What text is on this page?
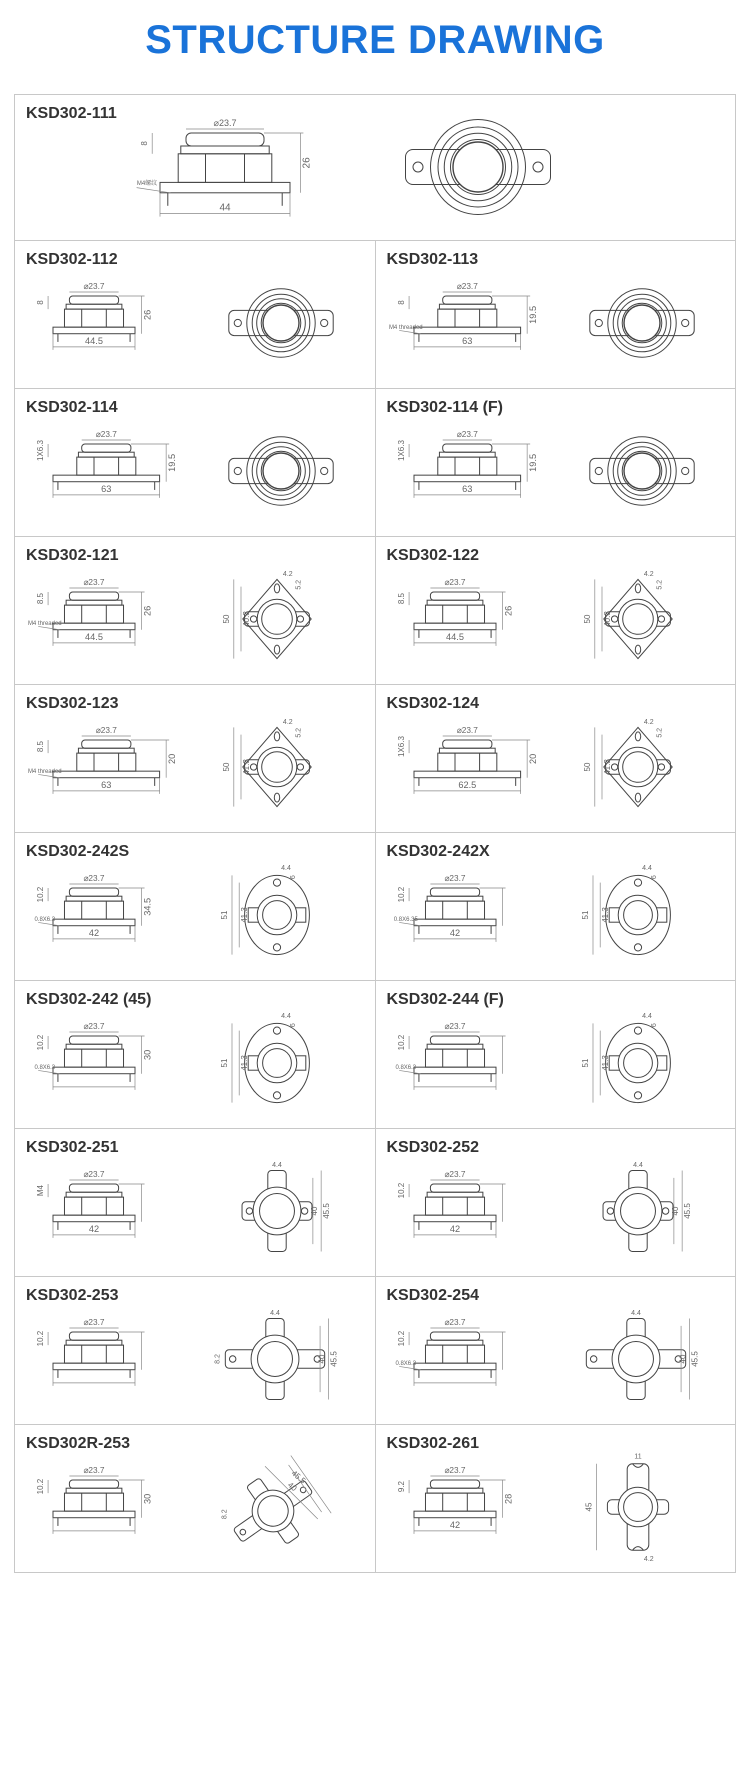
STRUCTURE DRAWING
KSD302-111
⌀23.7
44
26
8
M4螺纹
KSD302-112
⌀23.7
44.5
26
8
KSD302-113
⌀23.7
63
19.5
8
M4 threaded
KSD302-114
⌀23.7
63
19.5
1X6.3
KSD302-114 (F)
⌀23.7
63
19.5
1X6.3
KSD302-121
⌀23.7
44.5
26
8.5
M4 threaded
50 40.3
4.2
5.2
KSD302-122
⌀23.7
44.5
26
8.5
50 40.3
4.2
5.2
KSD302-123
⌀23.7
63
20
8.5
M4 threaded
50 41.3
4.2
5.2
KSD302-124
⌀23.7
62.5
20
1X6.3
50 41.3
4.2
5.2
KSD302-242S
⌀23.7
42
34.5
10.2
0.8X6.3
51 41.3
4.4
6
KSD302-242X
⌀23.7
42
10.2
0.8X6.35
51 41.3
4.4
6
KSD302-242 (45)
⌀23.7
30
10.2
0.8X6.3
51 41.3
4.4
6
KSD302-244 (F)
⌀23.7
10.2
0.8X6.3
51 41.3
4.4
6
KSD302-251
⌀23.7
42
M4
45.5
40
4.4
KSD302-252
⌀23.7
42
10.2
45.5
40
4.4
KSD302-253
⌀23.7
10.2
45.5
40
4.4
8.2
KSD302-254
⌀23.7
10.2
0.8X6.3	45.5
40
4.4
KSD302R-253
⌀23.7
30
10.2
45.5
40
8.2
KSD302-261
⌀23.7
42
28
9.2
45
11
4.2
